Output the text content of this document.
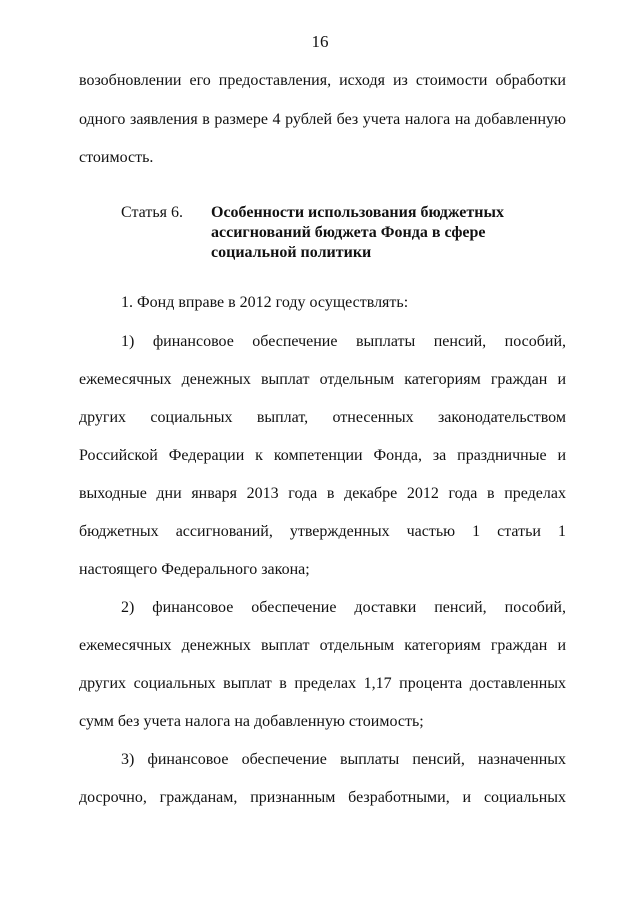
16
возобновлении его предоставления, исходя из стоимости обработки
одного заявления в размере 4 рублей без учета налога на добавленную
стоимость.
Статья 6. Особенности использования бюджетных
ассигнований бюджета Фонда в сфере
социальной политики
1. Фонд вправе в 2012 году осуществлять:
1) финансовое обеспечение выплаты пенсий, пособий,
ежемесячных денежных выплат отдельным категориям граждан и
других социальных выплат, отнесенных законодательством
Российской Федерации к компетенции Фонда, за праздничные и
выходные дни января 2013 года в декабре 2012 года в пределах
бюджетных ассигнований, утвержденных частью 1 статьи 1
настоящего Федерального закона;
2) финансовое обеспечение доставки пенсий, пособий,
ежемесячных денежных выплат отдельным категориям граждан и
других социальных выплат в пределах 1,17 процента доставленных
сумм без учета налога на добавленную стоимость;
3) финансовое обеспечение выплаты пенсий, назначенных
досрочно, гражданам, признанным безработными, и социальных
